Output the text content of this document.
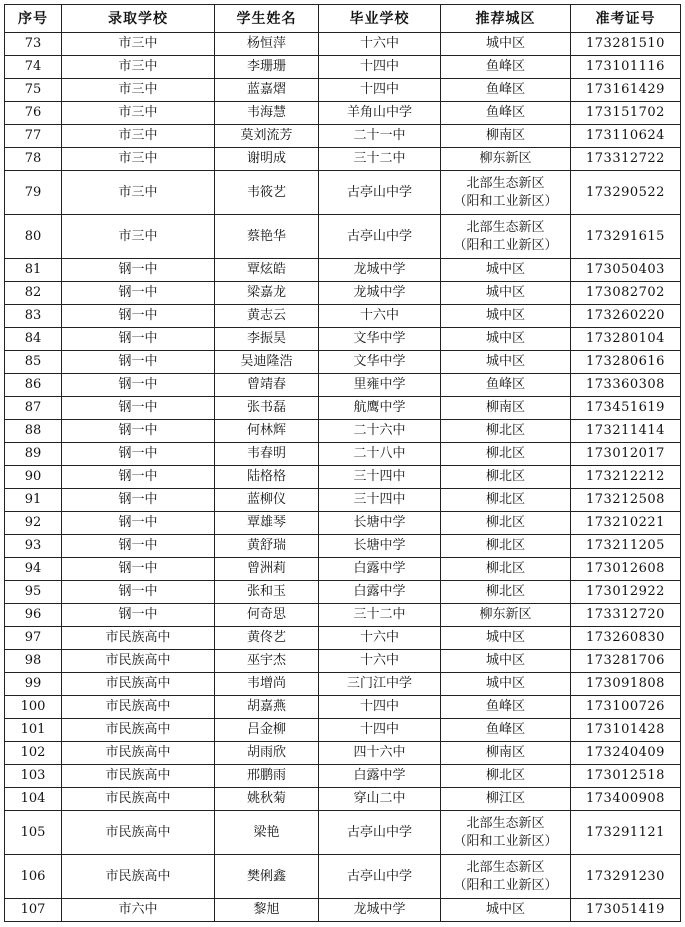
序号	录取学校	学生姓名	毕业学校	推荐城区	准考证号
73	市三中	杨恒萍	十六中	城中区	173281510
74	市三中	李珊珊	十四中	鱼峰区	173101116
75	市三中	蓝嘉熠	十四中	鱼峰区	173161429
76	市三中	韦海慧	羊角山中学	鱼峰区	173151702
77	市三中	莫刘流芳	二十一中	柳南区	173110624
78	市三中	谢明成	三十二中	柳东新区	173312722
79	市三中	韦筱艺	古亭山中学	北部生态新区
（阳和工业新区）	173290522
80	市三中	蔡艳华	古亭山中学	北部生态新区
（阳和工业新区）	173291615
81	钢一中	覃炫皓	龙城中学	城中区	173050403
82	钢一中	梁嘉龙	龙城中学	城中区	173082702
83	钢一中	黄志云	十六中	城中区	173260220
84	钢一中	李振昊	文华中学	城中区	173280104
85	钢一中	吴迪隆浩	文华中学	城中区	173280616
86	钢一中	曾靖春	里雍中学	鱼峰区	173360308
87	钢一中	张书磊	航鹰中学	柳南区	173451619
88	钢一中	何林辉	二十六中	柳北区	173211414
89	钢一中	韦春明	二十八中	柳北区	173012017
90	钢一中	陆格格	三十四中	柳北区	173212212
91	钢一中	蓝柳仪	三十四中	柳北区	173212508
92	钢一中	覃雄琴	长塘中学	柳北区	173210221
93	钢一中	黄舒瑞	长塘中学	柳北区	173211205
94	钢一中	曾洲莉	白露中学	柳北区	173012608
95	钢一中	张和玉	白露中学	柳北区	173012922
96	钢一中	何奇思	三十二中	柳东新区	173312720
97	市民族高中	黄佟艺	十六中	城中区	173260830
98	市民族高中	巫宇杰	十六中	城中区	173281706
99	市民族高中	韦增尚	三门江中学	城中区	173091808
100	市民族高中	胡嘉燕	十四中	鱼峰区	173100726
101	市民族高中	吕金柳	十四中	鱼峰区	173101428
102	市民族高中	胡雨欣	四十六中	柳南区	173240409
103	市民族高中	邢鹏雨	白露中学	柳北区	173012518
104	市民族高中	姚秋菊	穿山二中	柳江区	173400908
105	市民族高中	梁艳	古亭山中学	北部生态新区
（阳和工业新区）	173291121
106	市民族高中	樊俐鑫	古亭山中学	北部生态新区
（阳和工业新区）	173291230
107	市六中	黎旭	龙城中学	城中区	173051419
